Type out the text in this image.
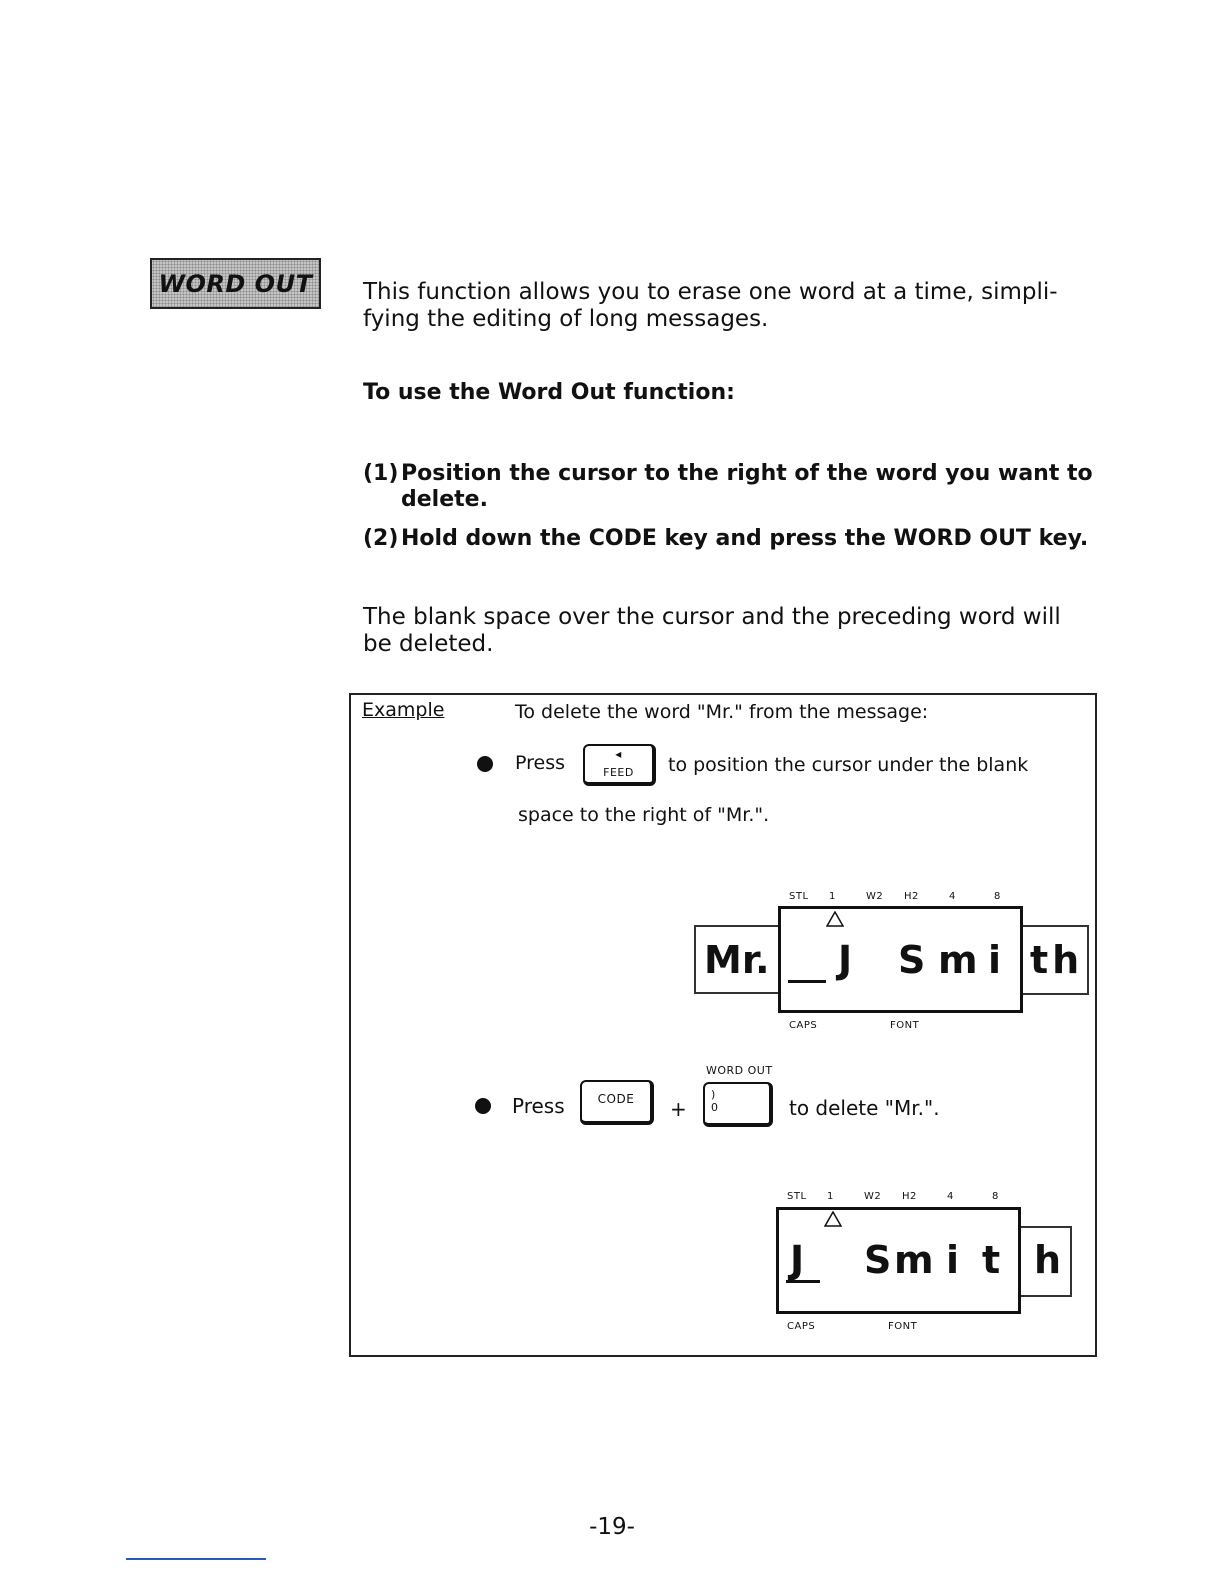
WORD OUT This function allows you to erase one word at a time, simpli-
fying the editing of long messages.
To use the Word Out function:
(1) Position the cursor to the right of the word you want to
delete.
(2) Hold down the CODE key and press the WORD OUT key.
The blank space over the cursor and the preceding word will
be deleted.
Example	To delete the word "Mr." from the message:
Press	◂
FEED	to position the cursor under the blank
space to the right of "Mr.".
STL 1	W2 H2	4	8
Mr. J S m i th
CAPS	FONT
WORD OUT
Press	CODE	+
)
0	to delete "Mr.".
STL 1	W2 H2	4	8
J S m i t h
CAPS	FONT
-19-
